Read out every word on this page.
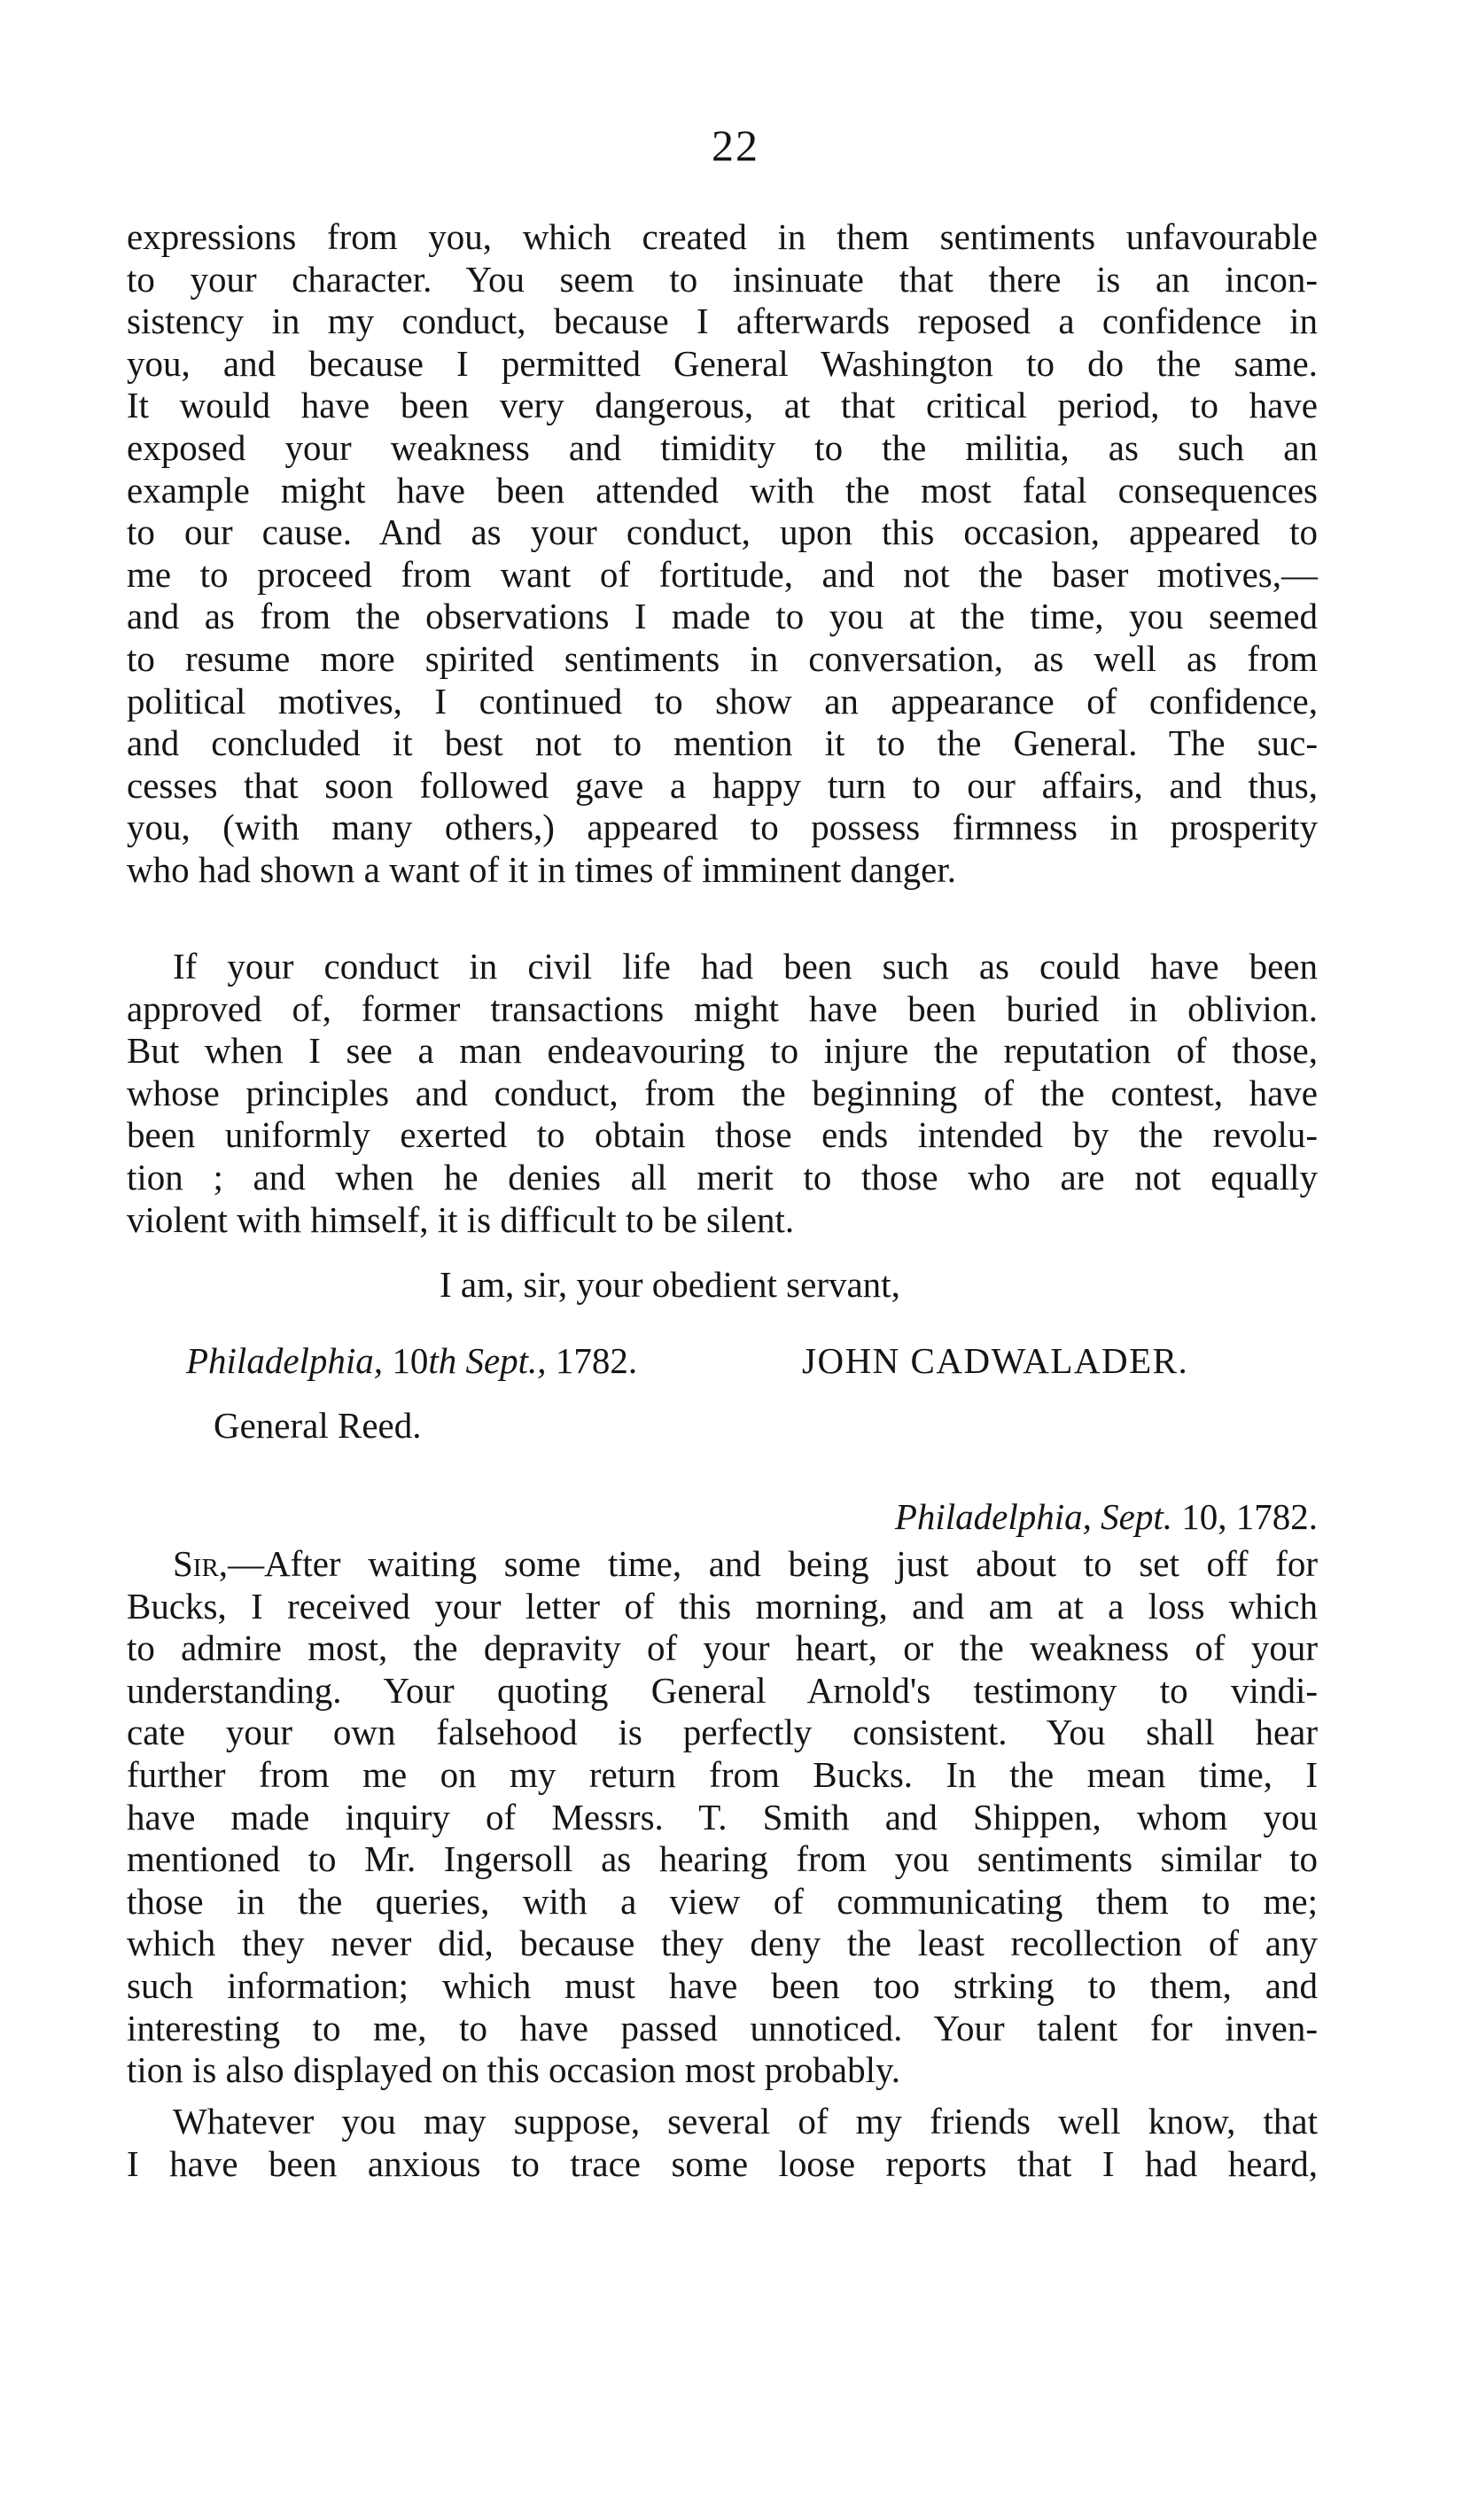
22
expressions from you, which created in them sentiments unfavourable
to your character. You seem to insinuate that there is an incon-
sistency in my conduct, because I afterwards reposed a confidence in
you, and because I permitted General Washington to do the same.
It would have been very dangerous, at that critical period, to have
exposed your weakness and timidity to the militia, as such an
example might have been attended with the most fatal consequences
to our cause. And as your conduct, upon this occasion, appeared to
me to proceed from want of fortitude, and not the baser motives,—
and as from the observations I made to you at the time, you seemed
to resume more spirited sentiments in conversation, as well as from
political motives, I continued to show an appearance of confidence,
and concluded it best not to mention it to the General. The suc-
cesses that soon followed gave a happy turn to our affairs, and thus,
you, (with many others,) appeared to possess firmness in prosperity
who had shown a want of it in times of imminent danger.
If your conduct in civil life had been such as could have been
approved of, former transactions might have been buried in oblivion.
But when I see a man endeavouring to injure the reputation of those,
whose principles and conduct, from the beginning of the contest, have
been uniformly exerted to obtain those ends intended by the revolu-
tion ; and when he denies all merit to those who are not equally
violent with himself, it is difficult to be silent.
I am, sir, your obedient servant,
Philadelphia, 10th Sept., 1782.	JOHN CADWALADER.
General Reed.
Philadelphia, Sept. 10, 1782.
Sir,—After waiting some time, and being just about to set off for
Bucks, I received your letter of this morning, and am at a loss which
to admire most, the depravity of your heart, or the weakness of your
understanding. Your quoting General Arnold's testimony to vindi-
cate your own falsehood is perfectly consistent. You shall hear
further from me on my return from Bucks. In the mean time, I
have made inquiry of Messrs. T. Smith and Shippen, whom you
mentioned to Mr. Ingersoll as hearing from you sentiments similar to
those in the queries, with a view of communicating them to me;
which they never did, because they deny the least recollection of any
such information; which must have been too strking to them, and
interesting to me, to have passed unnoticed. Your talent for inven-
tion is also displayed on this occasion most probably.
Whatever you may suppose, several of my friends well know, that
I have been anxious to trace some loose reports that I had heard,
